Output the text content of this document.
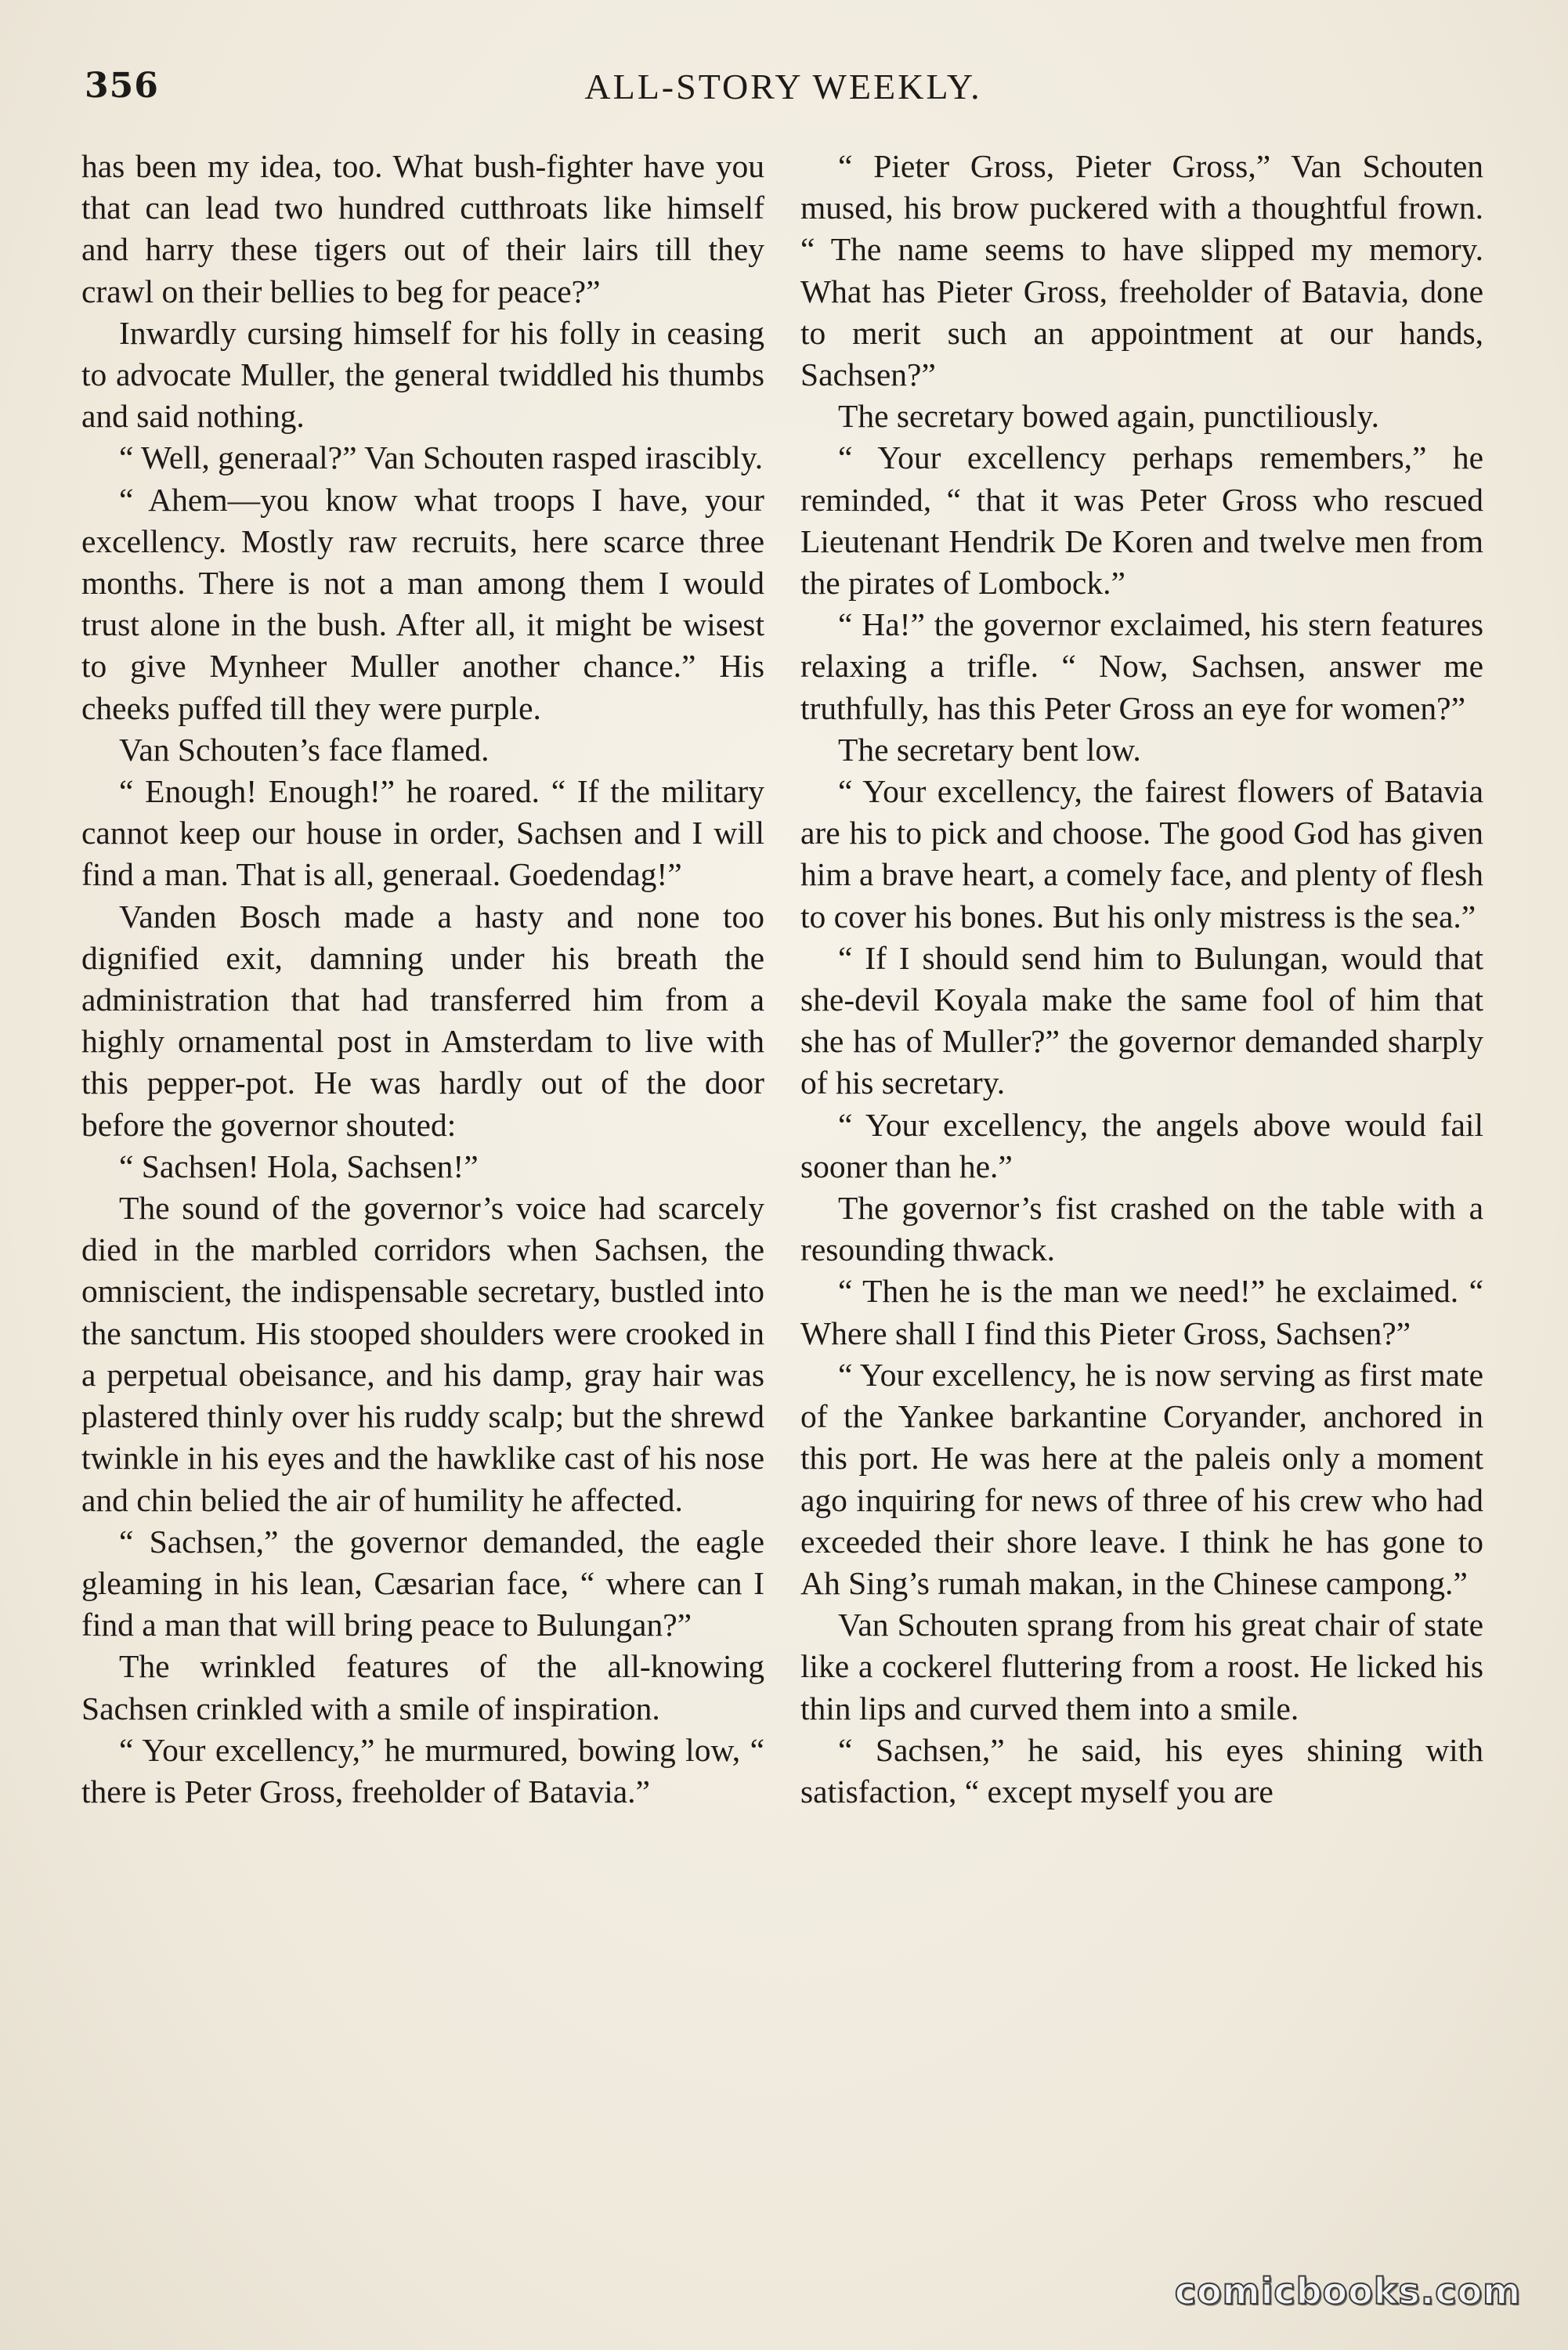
356	ALL-STORY WEEKLY.

has been my idea, too. What bush-fighter have you that can lead two hundred cutthroats like himself and harry these tigers out of their lairs till they crawl on their bellies to beg for peace?”

Inwardly cursing himself for his folly in ceasing to advocate Muller, the general twiddled his thumbs and said nothing.

“ Well, generaal?” Van Schouten rasped irascibly.

“ Ahem—you know what troops I have, your excellency. Mostly raw recruits, here scarce three months. There is not a man among them I would trust alone in the bush. After all, it might be wisest to give Mynheer Muller another chance.” His cheeks puffed till they were purple.

Van Schouten’s face flamed.

“ Enough! Enough!” he roared. “ If the military cannot keep our house in order, Sachsen and I will find a man. That is all, generaal. Goedendag!”

Vanden Bosch made a hasty and none too dignified exit, damning under his breath the administration that had transferred him from a highly ornamental post in Amsterdam to live with this pepper-pot. He was hardly out of the door before the governor shouted:

“ Sachsen! Hola, Sachsen!”

The sound of the governor’s voice had scarcely died in the marbled corridors when Sachsen, the omniscient, the indispensable secretary, bustled into the sanctum. His stooped shoulders were crooked in a perpetual obeisance, and his damp, gray hair was plastered thinly over his ruddy scalp; but the shrewd twinkle in his eyes and the hawklike cast of his nose and chin belied the air of humility he affected.

“ Sachsen,” the governor demanded, the eagle gleaming in his lean, Cæsarian face, “ where can I find a man that will bring peace to Bulungan?”

The wrinkled features of the all-knowing Sachsen crinkled with a smile of inspiration.

“ Your excellency,” he murmured, bowing low, “ there is Peter Gross, freeholder of Batavia.”

“ Pieter Gross, Pieter Gross,” Van Schouten mused, his brow puckered with a thoughtful frown. “ The name seems to have slipped my memory. What has Pieter Gross, freeholder of Batavia, done to merit such an appointment at our hands, Sachsen?”

The secretary bowed again, punctiliously.

“ Your excellency perhaps remembers,” he reminded, “ that it was Peter Gross who rescued Lieutenant Hendrik De Koren and twelve men from the pirates of Lombock.”

“ Ha!” the governor exclaimed, his stern features relaxing a trifle. “ Now, Sachsen, answer me truthfully, has this Peter Gross an eye for women?”

The secretary bent low.

“ Your excellency, the fairest flowers of Batavia are his to pick and choose. The good God has given him a brave heart, a comely face, and plenty of flesh to cover his bones. But his only mistress is the sea.”

“ If I should send him to Bulungan, would that she-devil Koyala make the same fool of him that she has of Muller?” the governor demanded sharply of his secretary.

“ Your excellency, the angels above would fail sooner than he.”

The governor’s fist crashed on the table with a resounding thwack.

“ Then he is the man we need!” he exclaimed. “ Where shall I find this Pieter Gross, Sachsen?”

“ Your excellency, he is now serving as first mate of the Yankee barkantine Coryander, anchored in this port. He was here at the paleis only a moment ago inquiring for news of three of his crew who had exceeded their shore leave. I think he has gone to Ah Sing’s rumah makan, in the Chinese campong.”

Van Schouten sprang from his great chair of state like a cockerel fluttering from a roost. He licked his thin lips and curved them into a smile.

“ Sachsen,” he said, his eyes shining with satisfaction, “ except myself you are

comicbooks.com
